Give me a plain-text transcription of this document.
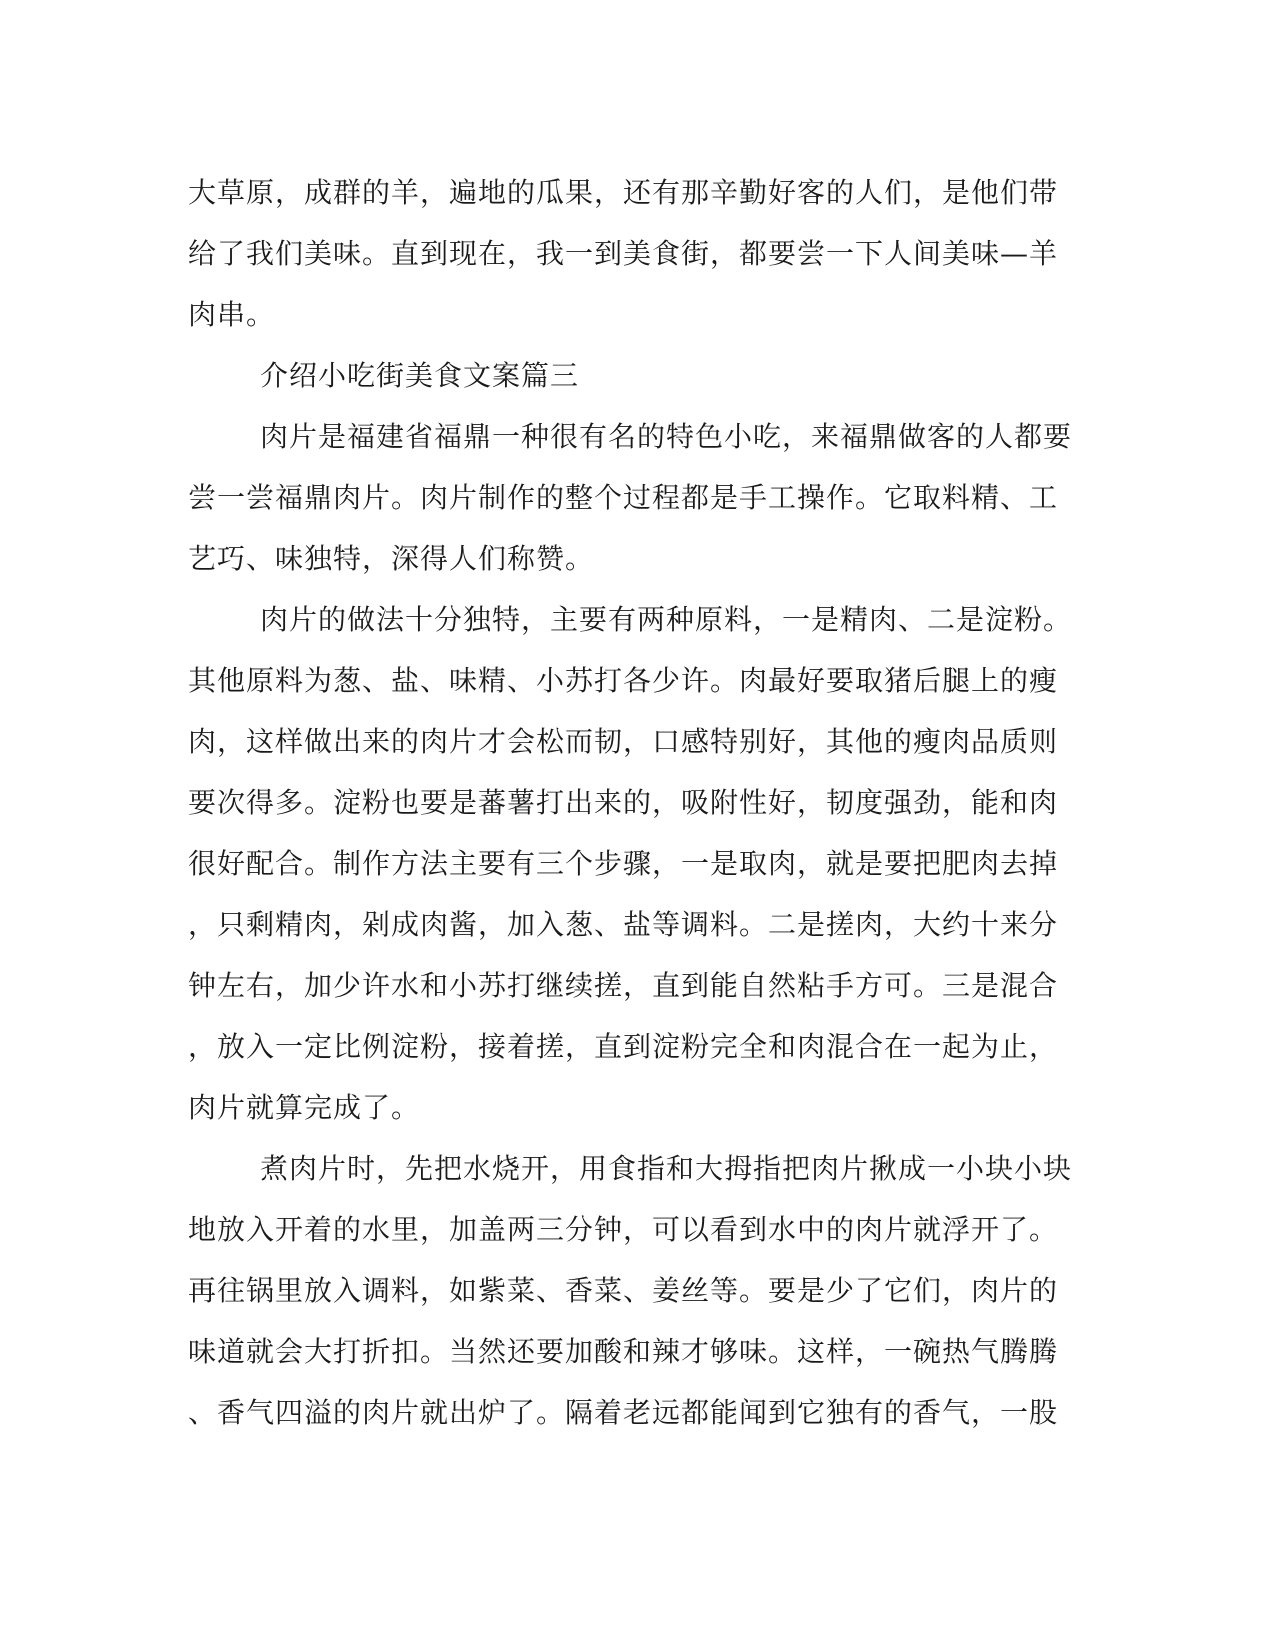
大草原，成群的羊，遍地的瓜果，还有那辛勤好客的人们，是他们带
给了我们美味。直到现在，我一到美食街，都要尝一下人间美味—羊
肉串。
介绍小吃街美食文案篇三
肉片是福建省福鼎一种很有名的特色小吃，来福鼎做客的人都要
尝一尝福鼎肉片。肉片制作的整个过程都是手工操作。它取料精、工
艺巧、味独特，深得人们称赞。
肉片的做法十分独特，主要有两种原料，一是精肉、二是淀粉。
其他原料为葱、盐、味精、小苏打各少许。肉最好要取猪后腿上的瘦
肉，这样做出来的肉片才会松而韧，口感特别好，其他的瘦肉品质则
要次得多。淀粉也要是蕃薯打出来的，吸附性好，韧度强劲，能和肉
很好配合。制作方法主要有三个步骤，一是取肉，就是要把肥肉去掉
，只剩精肉，剁成肉酱，加入葱、盐等调料。二是搓肉，大约十来分
钟左右，加少许水和小苏打继续搓，直到能自然粘手方可。三是混合
，放入一定比例淀粉，接着搓，直到淀粉完全和肉混合在一起为止，
肉片就算完成了。
煮肉片时，先把水烧开，用食指和大拇指把肉片揪成一小块小块
地放入开着的水里，加盖两三分钟，可以看到水中的肉片就浮开了。
再往锅里放入调料，如紫菜、香菜、姜丝等。要是少了它们，肉片的
味道就会大打折扣。当然还要加酸和辣才够味。这样，一碗热气腾腾
、香气四溢的肉片就出炉了。隔着老远都能闻到它独有的香气，一股
